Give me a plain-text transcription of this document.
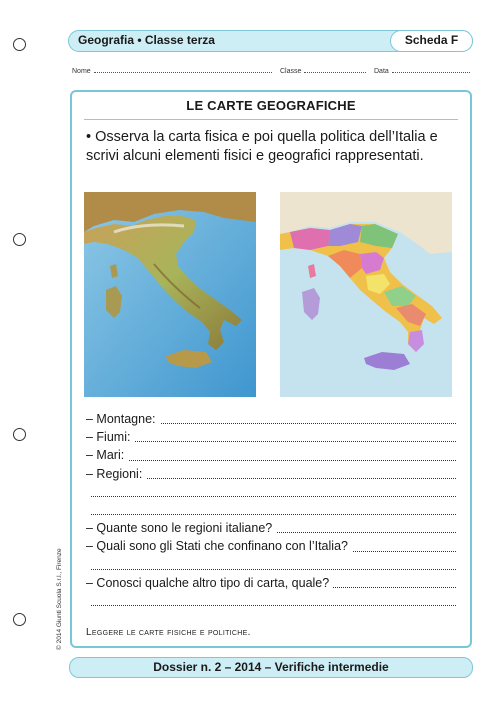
Geografia • Classe terza	Scheda F
Nome	Classe	Data
LE CARTE GEOGRAFICHE
• Osserva la carta fisica e poi quella politica dell’Italia e scrivi alcuni elementi fisici e geografici rappresentati.
– Montagne:
– Fiumi:
– Mari:
– Regioni:
– Quante sono le regioni italiane?
– Quali sono gli Stati che confinano con l’Italia?
– Conosci qualche altro tipo di carta, quale?
Leggere le carte fisiche e politiche.
© 2014 Giunti Scuola S.r.l., Firenze
Dossier n. 2 – 2014 – Verifiche intermedie
